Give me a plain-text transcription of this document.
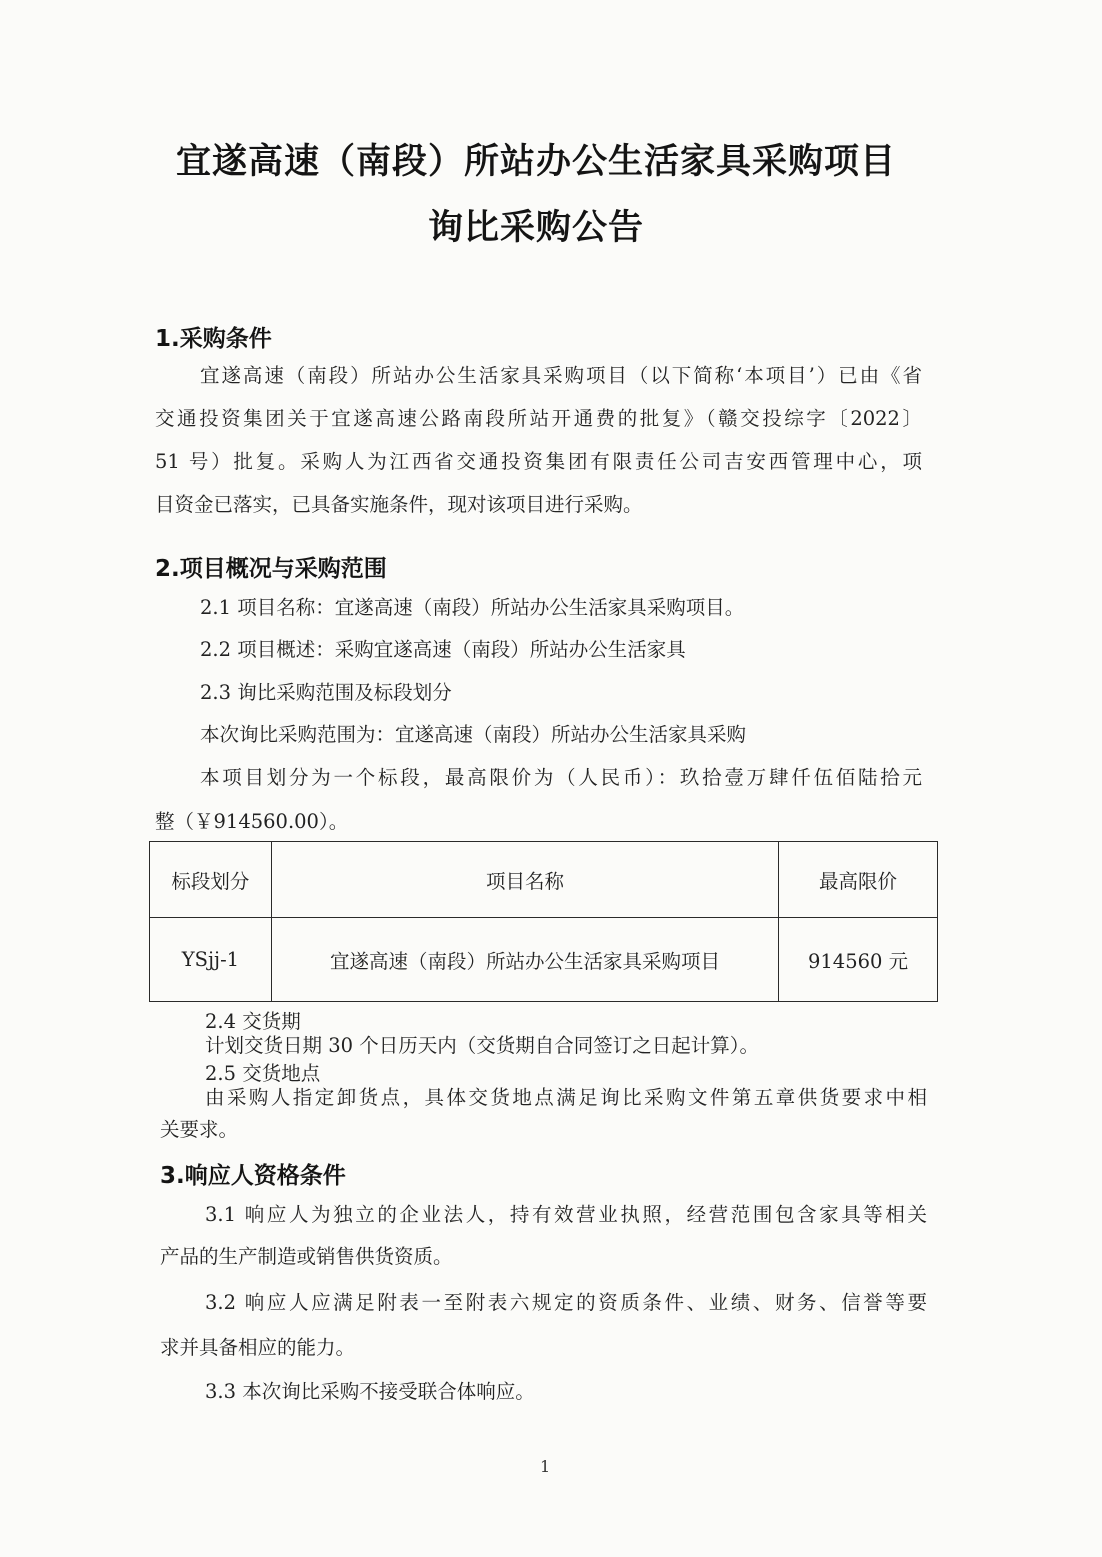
宜遂高速（南段）所站办公生活家具采购项目
询比采购公告
1.采购条件
宜遂高速（南段）所站办公生活家具采购项目（以下简称‘本项目’）已由《省
交通投资集团关于宜遂高速公路南段所站开通费的批复》（赣交投综字〔2022〕
51 号）批复。采购人为江西省交通投资集团有限责任公司吉安西管理中心，项
目资金已落实，已具备实施条件，现对该项目进行采购。
2.项目概况与采购范围
2.1 项目名称：宜遂高速（南段）所站办公生活家具采购项目。
2.2 项目概述：采购宜遂高速（南段）所站办公生活家具
2.3 询比采购范围及标段划分
本次询比采购范围为：宜遂高速（南段）所站办公生活家具采购
本项目划分为一个标段，最高限价为（人民币）：玖拾壹万肆仟伍佰陆拾元
整（￥914560.00）。
标段划分	项目名称	最高限价
YSjj-1	宜遂高速（南段）所站办公生活家具采购项目	914560 元
2.4 交货期
计划交货日期 30 个日历天内（交货期自合同签订之日起计算）。
2.5 交货地点
由采购人指定卸货点，具体交货地点满足询比采购文件第五章供货要求中相
关要求。
3.响应人资格条件
3.1 响应人为独立的企业法人，持有效营业执照，经营范围包含家具等相关
产品的生产制造或销售供货资质。
3.2 响应人应满足附表一至附表六规定的资质条件、业绩、财务、信誉等要
求并具备相应的能力。
3.3 本次询比采购不接受联合体响应。
1
